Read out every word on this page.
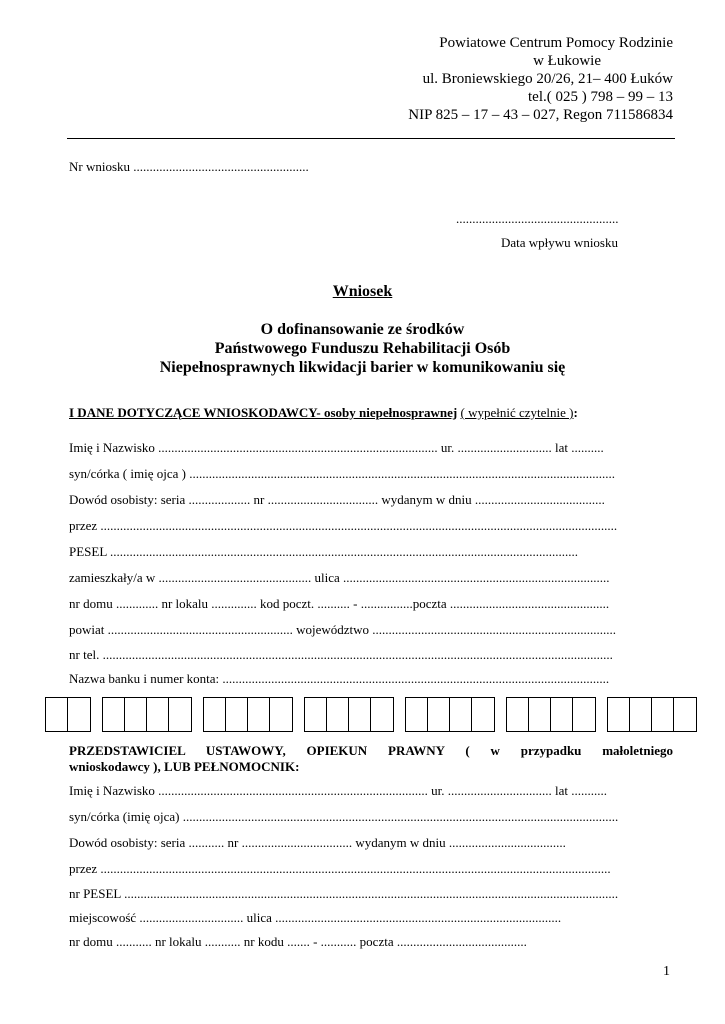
Powiatowe Centrum Pomocy Rodzinie
w Łukowie
ul. Broniewskiego 20/26, 21– 400 Łuków
tel.( 025 ) 798 – 99 – 13
NIP 825 – 17 – 43 – 027, Regon 711586834
Nr wniosku ......................................................
..................................................
Data wpływu wniosku
Wniosek
O dofinansowanie ze środków
Państwowego Funduszu Rehabilitacji Osób
Niepełnosprawnych likwidacji barier w komunikowaniu się
I DANE DOTYCZĄCE WNIOSKODAWCY- osoby niepełnosprawnej ( wypełnić czytelnie ):
Imię i Nazwisko ...................................................................................... ur. ............................. lat ..........
syn/córka ( imię ojca ) ...................................................................................................................................
Dowód osobisty: seria ................... nr .................................. wydanym w dniu ........................................
przez ...............................................................................................................................................................
PESEL ................................................................................................................................................
zamieszkały/a w ............................................... ulica ..................................................................................
nr domu ............. nr lokalu .............. kod poczt. .......... - ................poczta .................................................
powiat ......................................................... województwo ...........................................................................
nr tel. .............................................................................................................................................................
Nazwa banku i numer konta: .......................................................................................................................
PRZEDSTAWICIEL USTAWOWY, OPIEKUN PRAWNY ( w przypadku małoletniego
wnioskodawcy ), LUB PEŁNOMOCNIK:
Imię i Nazwisko ................................................................................... ur. ................................ lat ...........
syn/córka (imię ojca) ......................................................................................................................................
Dowód osobisty: seria ........... nr .................................. wydanym w dniu ....................................
przez .............................................................................................................................................................
nr PESEL ........................................................................................................................................................
miejscowość ................................ ulica ........................................................................................
nr domu ........... nr lokalu ........... nr kodu ....... - ........... poczta ........................................
1
